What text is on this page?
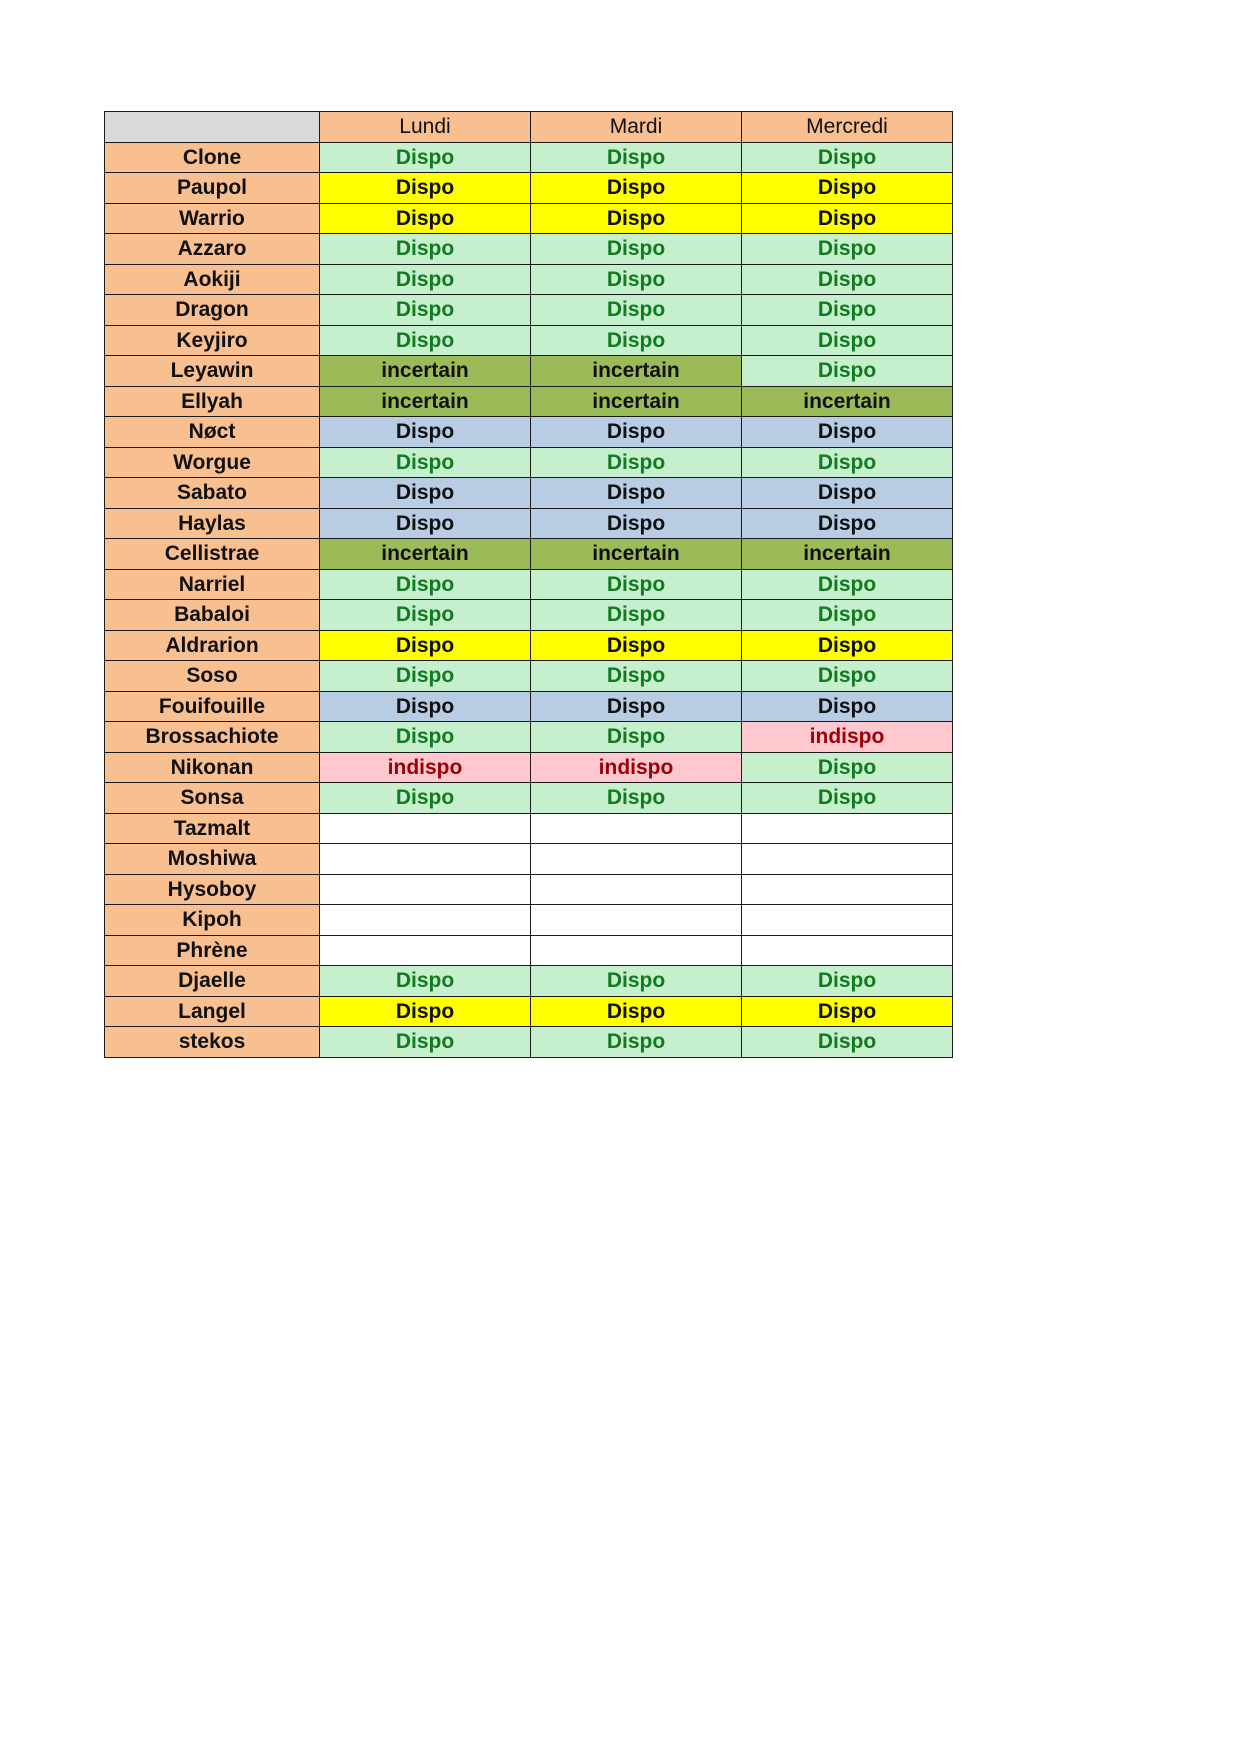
	Lundi	Mardi	Mercredi
Clone	Dispo	Dispo	Dispo
Paupol	Dispo	Dispo	Dispo
Warrio	Dispo	Dispo	Dispo
Azzaro	Dispo	Dispo	Dispo
Aokiji	Dispo	Dispo	Dispo
Dragon	Dispo	Dispo	Dispo
Keyjiro	Dispo	Dispo	Dispo
Leyawin	incertain	incertain	Dispo
Ellyah	incertain	incertain	incertain
Nøct	Dispo	Dispo	Dispo
Worgue	Dispo	Dispo	Dispo
Sabato	Dispo	Dispo	Dispo
Haylas	Dispo	Dispo	Dispo
Cellistrae	incertain	incertain	incertain
Narriel	Dispo	Dispo	Dispo
Babaloi	Dispo	Dispo	Dispo
Aldrarion	Dispo	Dispo	Dispo
Soso	Dispo	Dispo	Dispo
Fouifouille	Dispo	Dispo	Dispo
Brossachiote	Dispo	Dispo	indispo
Nikonan	indispo	indispo	Dispo
Sonsa	Dispo	Dispo	Dispo
Tazmalt			
Moshiwa			
Hysoboy			
Kipoh			
Phrène			
Djaelle	Dispo	Dispo	Dispo
Langel	Dispo	Dispo	Dispo
stekos	Dispo	Dispo	Dispo
